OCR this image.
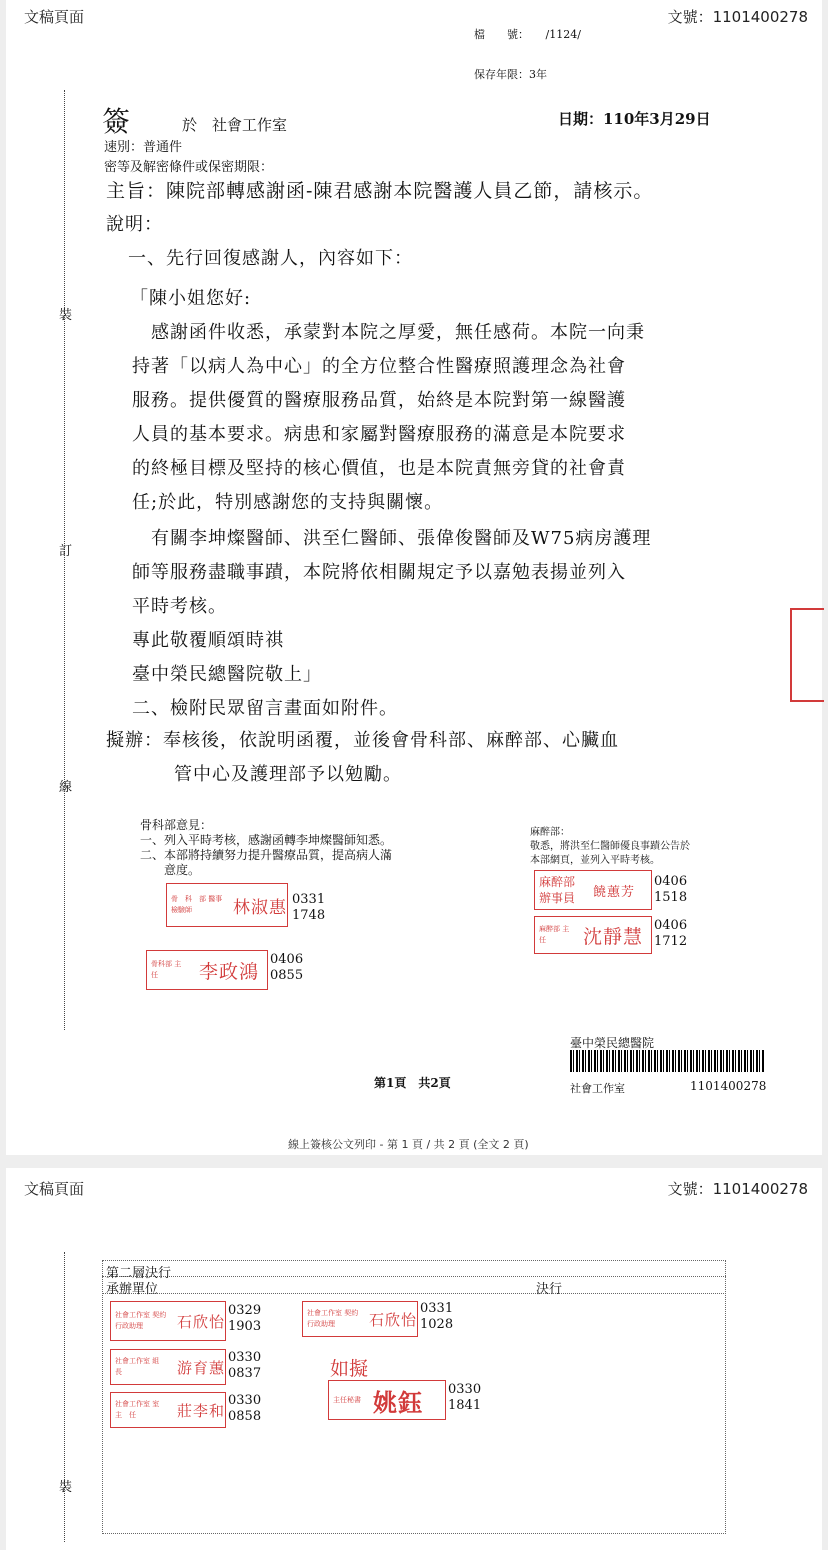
文稿頁面	文號：1101400278
檔　　號：　　/1124/
保存年限：3年
裝
訂
線
簽	於　社會工作室	日期：110年3月29日
速別：普通件
密等及解密條件或保密期限：
主旨：陳院部轉感謝函-陳君感謝本院醫護人員乙節，請核示。
說明：
一、先行回復感謝人，內容如下：
「陳小姐您好:
　感謝函件收悉，承蒙對本院之厚愛，無任感荷。本院一向秉
持著「以病人為中心」的全方位整合性醫療照護理念為社會
服務。提供優質的醫療服務品質，始終是本院對第一線醫護
人員的基本要求。病患和家屬對醫療服務的滿意是本院要求
的終極目標及堅持的核心價值，也是本院責無旁貸的社會責
任;於此，特別感謝您的支持與關懷。
　有關李坤燦醫師、洪至仁醫師、張偉俊醫師及W75病房護理
師等服務盡職事蹟，本院將依相關規定予以嘉勉表揚並列入
平時考核。
專此敬覆順頌時祺
臺中榮民總醫院敬上」
二、檢附民眾留言畫面如附件。
擬辦：奉核後，依說明函覆，並後會骨科部、麻醉部、心臟血
管中心及護理部予以勉勵。
骨科部意見：
一、列入平時考核，感謝函轉李坤燦醫師知悉。
二、本部將持續努力提升醫療品質，提高病人滿
　　意度。
骨　科　部 醫事檢驗師	林淑惠 0331
1748
骨科部 主　任	李政鴻
0406
0855
麻醉部：
敬悉，將洪至仁醫師優良事蹟公告於
本部網頁，並列入平時考核。
麻醉部 辦事員	饒蕙芳
0406
1518
麻醉部 主　任	沈靜慧 0406
1712
臺中榮民總醫院
社會工作室	1101400278
第1頁　共2頁
線上簽核公文列印 - 第 1 頁 / 共 2 頁 (全文 2 頁)
文稿頁面	文號：1101400278
裝
第二層決行
承辦單位	決行
社會工作室 契約行政助理	石欣怡
0329
1903
社會工作室 組　　長	游育蕙
0330
0837
社會工作室 室　主　任	莊李和
0330
0858
社會工作室 契約行政助理	石欣怡
0331
1028
如擬
主任秘書 姚鈺 0330
1841
